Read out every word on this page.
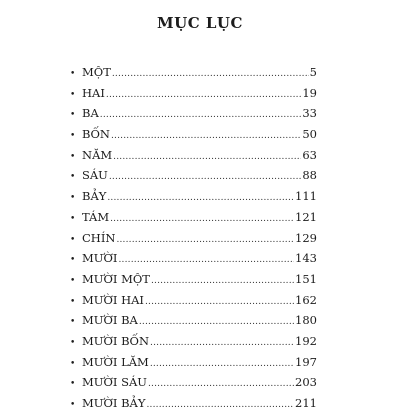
MỤC LỤC
• MỘT .....	5
• HAI .....	19
• BA .....	33
• BỐN .....	50
• NĂM .....	63
• SÁU .....	88
• BẢY .....	111
• TÁM .....	121
• CHÍN .....	129
• MƯỜI .....	143
• MƯỜI MỘT .....	151
• MƯỜI HAI .....	162
• MƯỜI BA .....	180
• MƯỜI BỐN .....	192
• MƯỜI LĂM .....	197
• MƯỜI SÁU .....	203
• MƯỜI BẢY .....	211
